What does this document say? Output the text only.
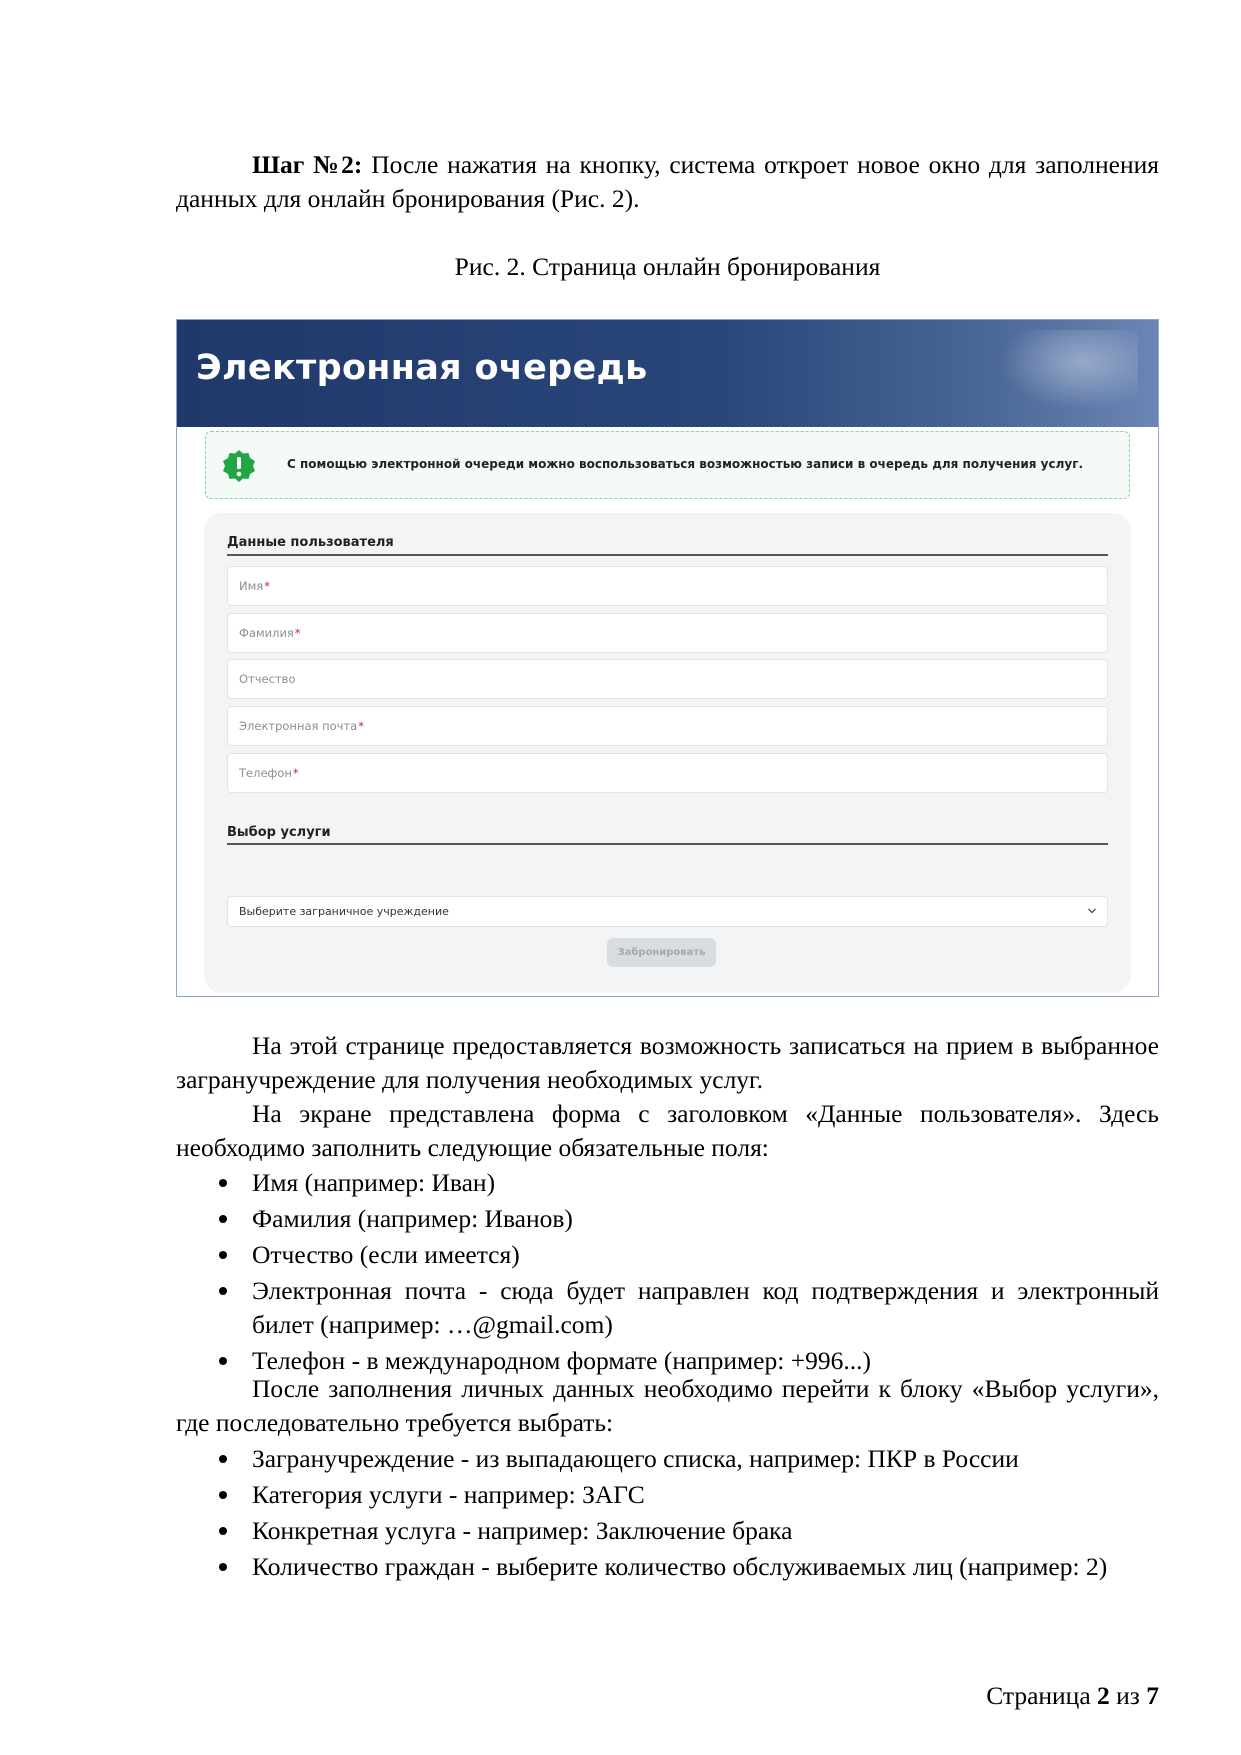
Шаг №2: После нажатия на кнопку, система откроет новое окно для заполнения данных для онлайн бронирования (Рис. 2).
Рис. 2. Страница онлайн бронирования
Электронная очередь
С помощью электронной очереди можно воспользоваться возможностью записи в очередь для получения услуг.
Данные пользователя
Имя*
Фамилия*
Отчество
Электронная почта*
Телефон*
Выбор услуги
Выберите заграничное учреждение
Забронировать
На этой странице предоставляется возможность записаться на прием в выбранное загранучреждение для получения необходимых услуг.
На экране представлена форма с заголовком «Данные пользователя». Здесь необходимо заполнить следующие обязательные поля:
Имя (например: Иван)
Фамилия (например: Иванов)
Отчество (если имеется)
Электронная почта - сюда будет направлен код подтверждения и электронный билет (например: …@gmail.com)
Телефон - в международном формате (например: +996...)
После заполнения личных данных необходимо перейти к блоку «Выбор услуги», где последовательно требуется выбрать:
Загранучреждение - из выпадающего списка, например: ПКР в России
Категория услуги - например: ЗАГС
Конкретная услуга - например: Заключение брака
Количество граждан - выберите количество обслуживаемых лиц (например: 2)
Страница 2 из 7
